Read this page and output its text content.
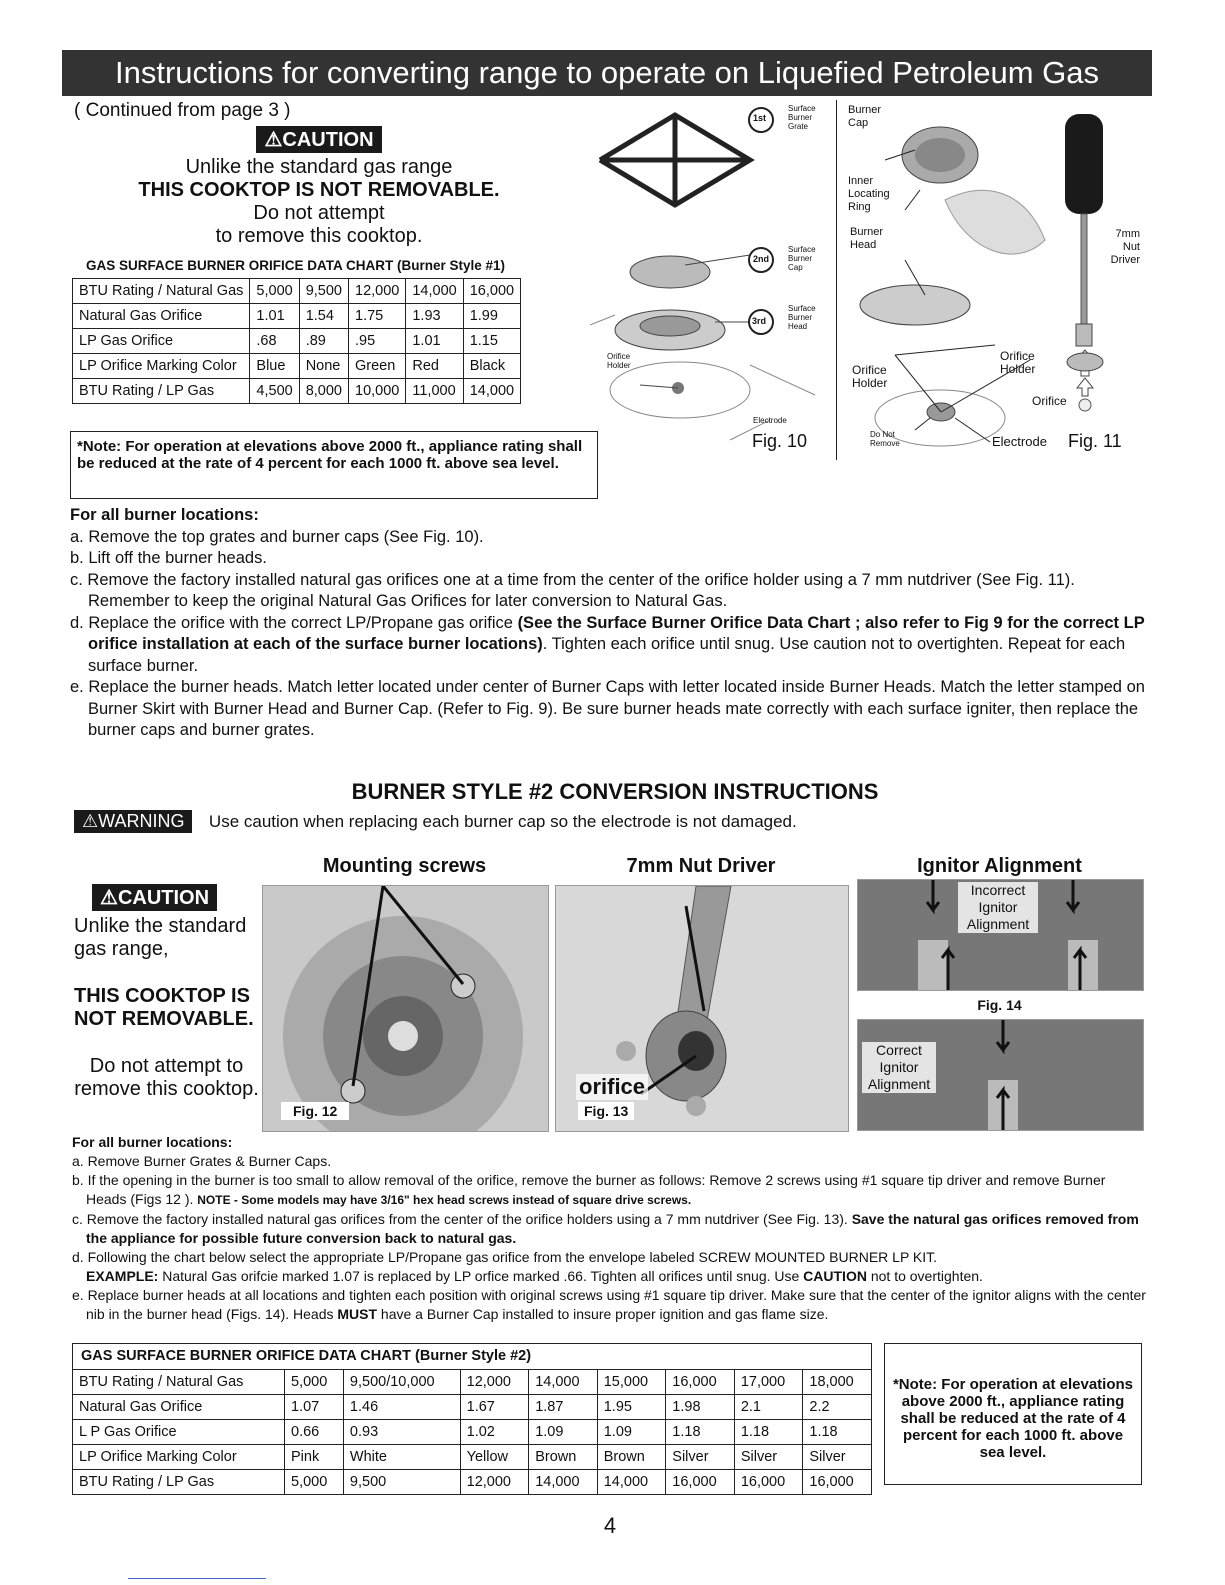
Instructions for converting range to operate on Liquefied Petroleum Gas
( Continued from page 3 )
⚠CAUTION
Unlike the standard gas range
THIS COOKTOP IS NOT REMOVABLE.
Do not attempt
to remove this cooktop.
GAS SURFACE BURNER ORIFICE DATA CHART (Burner Style #1)
BTU Rating / Natural Gas	5,000	9,500	12,000	14,000	16,000
Natural Gas Orifice	1.01	1.54	1.75	1.93	1.99
LP Gas Orifice	.68	.89	.95	1.01	1.15
LP Orifice Marking Color	Blue	None	Green	Red	Black
BTU Rating / LP Gas	4,500	8,000	10,000	11,000	14,000
*Note: For operation at elevations above 2000 ft., appliance rating shall be reduced at the rate of 4 percent for each 1000 ft. above sea level.
1st
Surface Burner Grate
2nd
Surface Burner Cap
3rd
Surface Burner Head
Orifice Holder
Electrode
Fig. 10
Burner Cap
Inner Locating Ring
Burner Head
7mm Nut Driver
Orifice Holder
Orifice Holder
Orifice
Do Not Remove	Electrode Fig. 11
For all burner locations:

a. Remove the top grates and burner caps (See Fig. 10).

b. Lift off the burner heads.

c. Remove the factory installed natural gas orifices one at a time from the center of the orifice holder using a 7 mm nutdriver (See Fig. 11). Remember to keep the original Natural Gas Orifices for later conversion to Natural Gas.

d. Replace the orifice with the correct LP/Propane gas orifice (See the Surface Burner Orifice Data Chart ; also refer to Fig 9 for the correct LP orifice installation at each of the surface burner locations). Tighten each orifice until snug. Use caution not to overtighten. Repeat for each surface burner.

e. Replace the burner heads. Match letter located under center of Burner Caps with letter located inside Burner Heads. Match the letter stamped on Burner Skirt with Burner Head and Burner Cap. (Refer to Fig. 9). Be sure burner heads mate correctly with each surface igniter, then replace the burner caps and burner grates.

BURNER STYLE #2 CONVERSION INSTRUCTIONS
⚠WARNING Use caution when replacing each burner cap so the electrode is not damaged.
⚠CAUTION
Unlike the standard gas range,
THIS COOKTOP IS NOT REMOVABLE.
Do not attempt to remove this cooktop.
Mounting screws
Fig. 12
7mm Nut Driver
orifice
Fig. 13
Ignitor Alignment
Incorrect Ignitor Alignment
Fig. 14
Correct Ignitor Alignment
For all burner locations:

a. Remove Burner Grates & Burner Caps.

b. If the opening in the burner is too small to allow removal of the orifice, remove the burner as follows: Remove 2 screws using #1 square tip driver and remove Burner Heads (Figs 12 ). NOTE - Some models may have 3/16" hex head screws instead of square drive screws.

c. Remove the factory installed natural gas orifices from the center of the orifice holders using a 7 mm nutdriver (See Fig. 13). Save the natural gas orifices removed from the appliance for possible future conversion back to natural gas.

d. Following the chart below select the appropriate LP/Propane gas orifice from the envelope labeled SCREW MOUNTED BURNER LP KIT.
EXAMPLE: Natural Gas orifcie marked 1.07 is replaced by LP orfice marked .66. Tighten all orifices until snug. Use CAUTION not to overtighten.

e. Replace burner heads at all locations and tighten each position with original screws using #1 square tip driver. Make sure that the center of the ignitor aligns with the center nib in the burner head (Figs. 14). Heads MUST have a Burner Cap installed to insure proper ignition and gas flame size.

GAS SURFACE BURNER ORIFICE DATA CHART (Burner Style #2)
BTU Rating / Natural Gas	5,000	9,500/10,000	12,000	14,000	15,000	16,000	17,000	18,000
Natural Gas Orifice	1.07	1.46	1.67	1.87	1.95	1.98	2.1	2.2
L P Gas Orifice	0.66	0.93	1.02	1.09	1.09	1.18	1.18	1.18
LP Orifice Marking Color	Pink	White	Yellow	Brown	Brown	Silver	Silver	Silver
BTU Rating / LP Gas	5,000	9,500	12,000	14,000	14,000	16,000	16,000	16,000
*Note: For operation at elevations above 2000 ft., appliance rating shall be reduced at the rate of 4 percent for each 1000 ft. above sea level.
4
